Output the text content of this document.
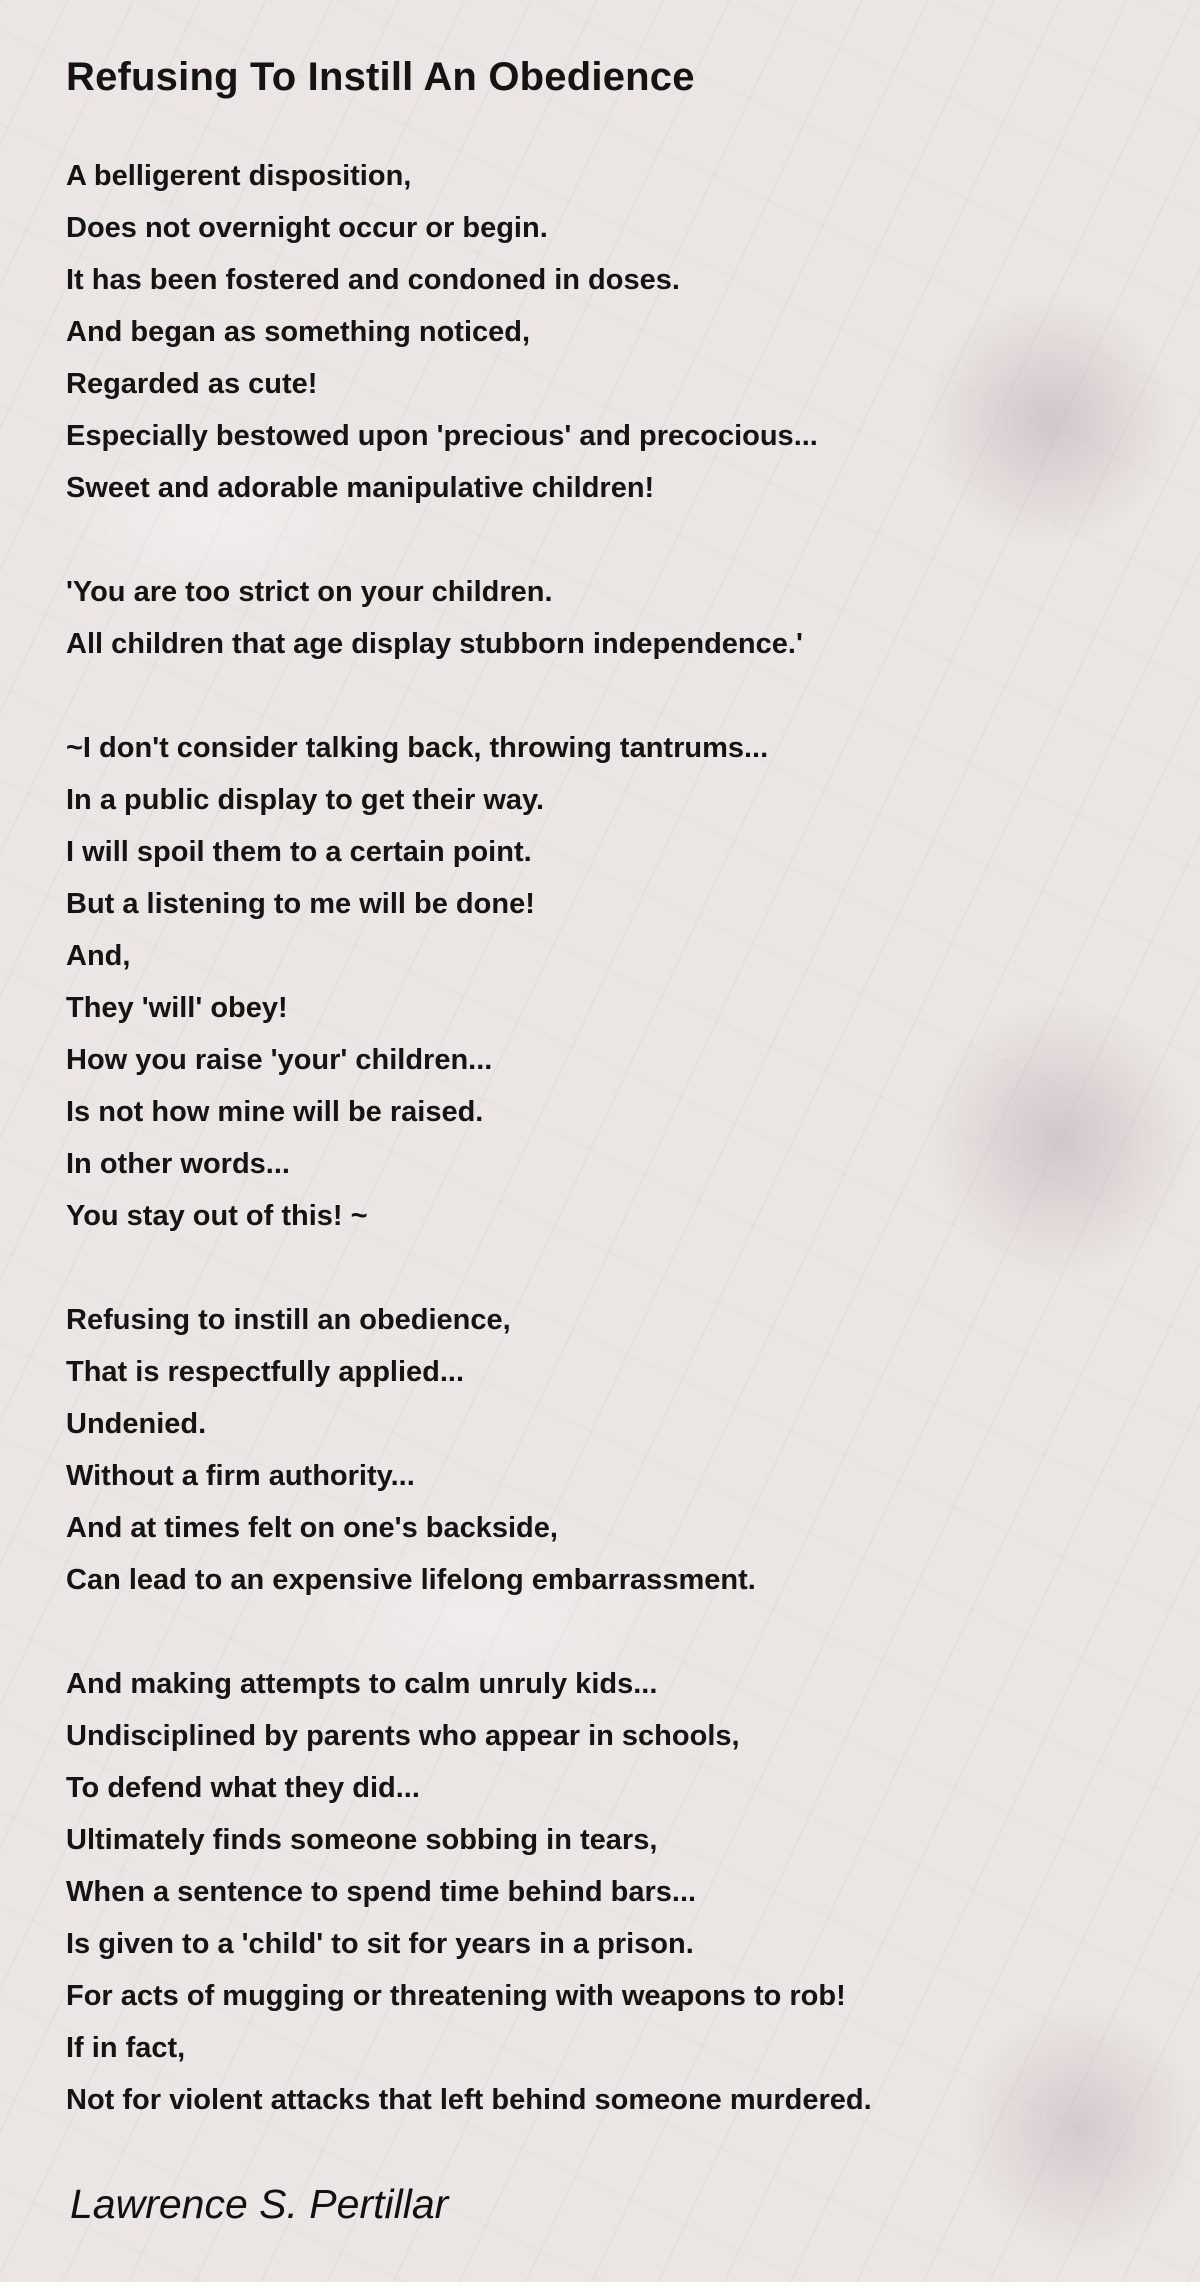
Refusing To Instill An Obedience
A belligerent disposition,
Does not overnight occur or begin.
It has been fostered and condoned in doses.
And began as something noticed,
Regarded as cute!
Especially bestowed upon 'precious' and precocious...
Sweet and adorable manipulative children!
'You are too strict on your children.
All children that age display stubborn independence.'
~I don't consider talking back, throwing tantrums...
In a public display to get their way.
I will spoil them to a certain point.
But a listening to me will be done!
And,
They 'will' obey!
How you raise 'your' children...
Is not how mine will be raised.
In other words...
You stay out of this! ~
Refusing to instill an obedience,
That is respectfully applied...
Undenied.
Without a firm authority...
And at times felt on one's backside,
Can lead to an expensive lifelong embarrassment.
And making attempts to calm unruly kids...
Undisciplined by parents who appear in schools,
To defend what they did...
Ultimately finds someone sobbing in tears,
When a sentence to spend time behind bars...
Is given to a 'child' to sit for years in a prison.
For acts of mugging or threatening with weapons to rob!
If in fact,
Not for violent attacks that left behind someone murdered.

Lawrence S. Pertillar
